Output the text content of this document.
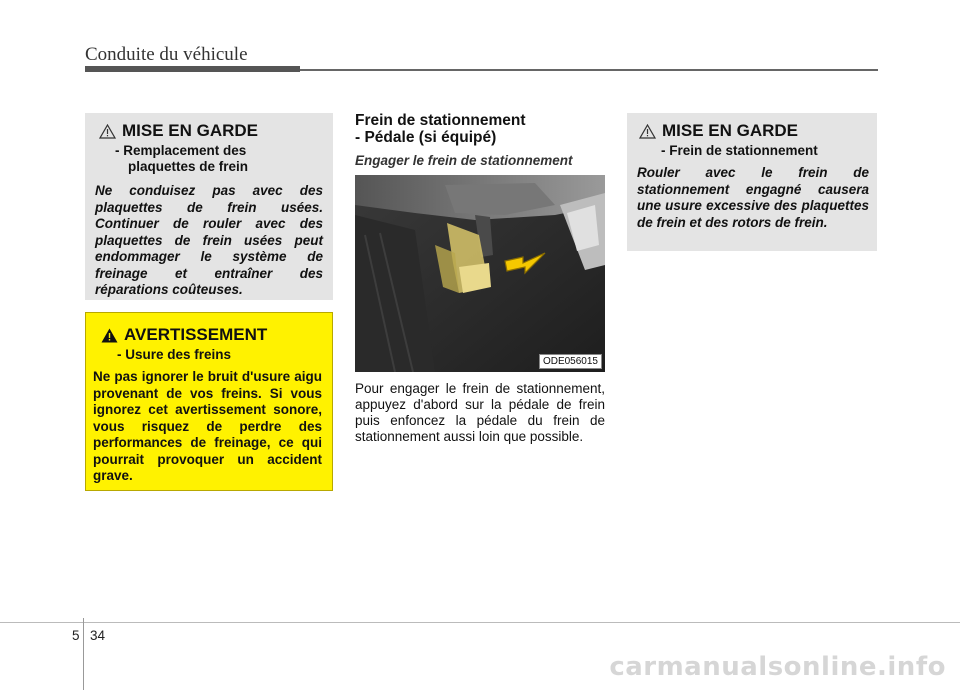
Conduite du véhicule
MISE EN GARDE
- Remplacement des
plaquettes de frein
Ne conduisez pas avec des plaquettes de frein usées. Continuer de rouler avec des plaquettes de frein usées peut endommager le système de freinage et entraîner des réparations coûteuses.
AVERTISSEMENT
- Usure des freins
Ne pas ignorer le bruit d'usure aigu provenant de vos freins. Si vous ignorez cet avertissement sonore, vous risquez de perdre des performances de freinage, ce qui pourrait provoquer un accident grave.
Frein de stationnement
- Pédale (si équipé)
Engager le frein de stationnement
ODE056015
Pour engager le frein de stationnement, appuyez d'abord sur la pédale de frein puis enfoncez la pédale du frein de stationnement aussi loin que possible.
MISE EN GARDE
- Frein de stationnement
Rouler avec le frein de stationnement engagné causera une usure excessive des plaquettes de frein et des rotors de frein.
5 34
carmanualsonline.info
